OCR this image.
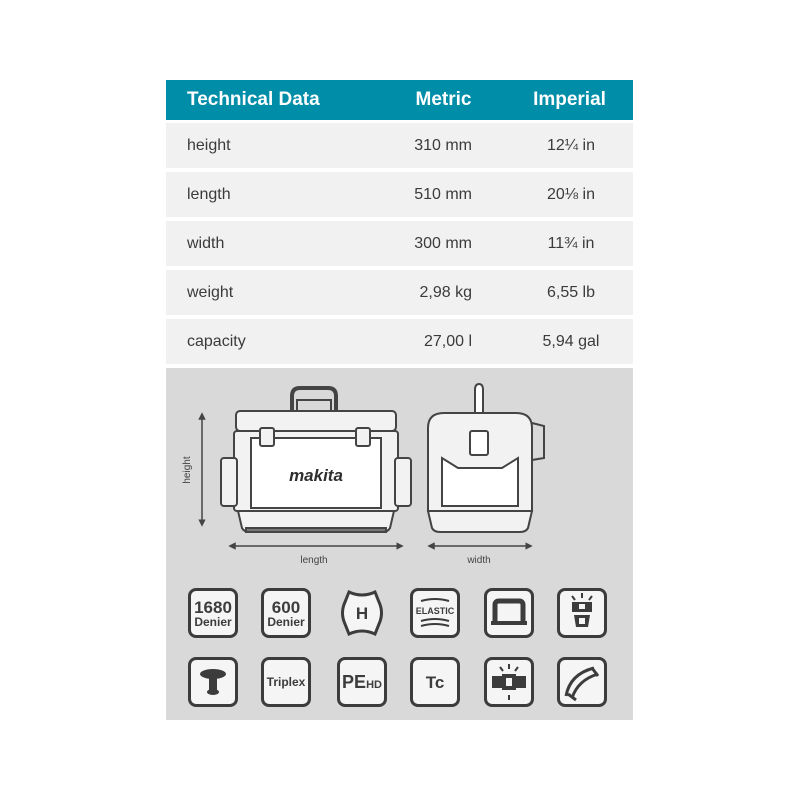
Technical Data	Metric	Imperial
height	310 mm	12¼ in
length	510 mm	20⅛ in
width	300 mm	11¾ in
weight	2,98 kg	6,55 lb
capacity	27,00 l	5,94 gal
makita
height
length	width
1680
Denier
600
Denier	H	ELASTIC
Triplex PEHD	Tc
